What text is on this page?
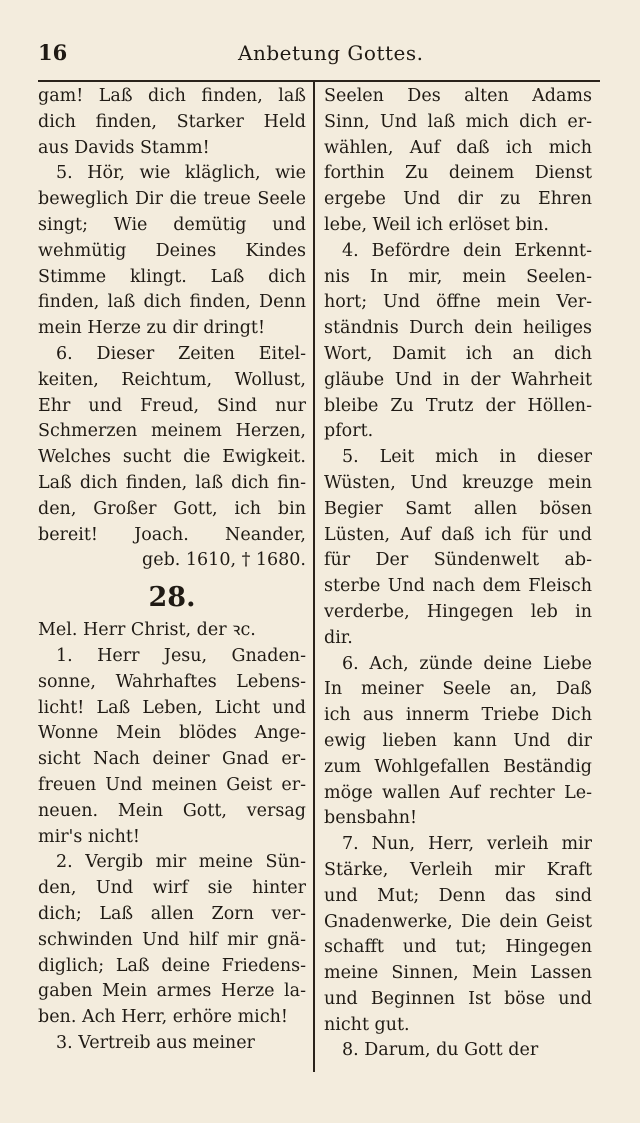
16	Anbetung Gottes.
gam! Laß dich finden, laß
dich finden, Starker Held
aus Davids Stamm!
5. Hör, wie kläglich, wie
beweglich Dir die treue Seele
singt; Wie demütig und
wehmütig Deines Kindes
Stimme klingt. Laß dich
finden, laß dich finden, Denn
mein Herze zu dir dringt!
6. Dieser Zeiten Eitel-
keiten, Reichtum, Wollust,
Ehr und Freud, Sind nur
Schmerzen meinem Herzen,
Welches sucht die Ewigkeit.
Laß dich finden, laß dich fin-
den, Großer Gott, ich bin
bereit! Joach. Neander,
geb. 1610, † 1680.
28.
Mel. Herr Christ, der ꝛc.
1. Herr Jesu, Gnaden-
sonne, Wahrhaftes Lebens-
licht! Laß Leben, Licht und
Wonne Mein blödes Ange-
sicht Nach deiner Gnad er-
freuen Und meinen Geist er-
neuen. Mein Gott, versag
mir's nicht!
2. Vergib mir meine Sün-
den, Und wirf sie hinter
dich; Laß allen Zorn ver-
schwinden Und hilf mir gnä-
diglich; Laß deine Friedens-
gaben Mein armes Herze la-
ben. Ach Herr, erhöre mich!
3. Vertreib aus meiner
Seelen Des alten Adams
Sinn, Und laß mich dich er-
wählen, Auf daß ich mich
forthin Zu deinem Dienst
ergebe Und dir zu Ehren
lebe, Weil ich erlöset bin.
4. Befördre dein Erkennt-
nis In mir, mein Seelen-
hort; Und öffne mein Ver-
ständnis Durch dein heiliges
Wort, Damit ich an dich
gläube Und in der Wahrheit
bleibe Zu Trutz der Höllen-
pfort.
5. Leit mich in dieser
Wüsten, Und kreuzge mein
Begier Samt allen bösen
Lüsten, Auf daß ich für und
für Der Sündenwelt ab-
sterbe Und nach dem Fleisch
verderbe, Hingegen leb in
dir.
6. Ach, zünde deine Liebe
In meiner Seele an, Daß
ich aus innerm Triebe Dich
ewig lieben kann Und dir
zum Wohlgefallen Beständig
möge wallen Auf rechter Le-
bensbahn!
7. Nun, Herr, verleih mir
Stärke, Verleih mir Kraft
und Mut; Denn das sind
Gnadenwerke, Die dein Geist
schafft und tut; Hingegen
meine Sinnen, Mein Lassen
und Beginnen Ist böse und
nicht gut.
8. Darum, du Gott der
